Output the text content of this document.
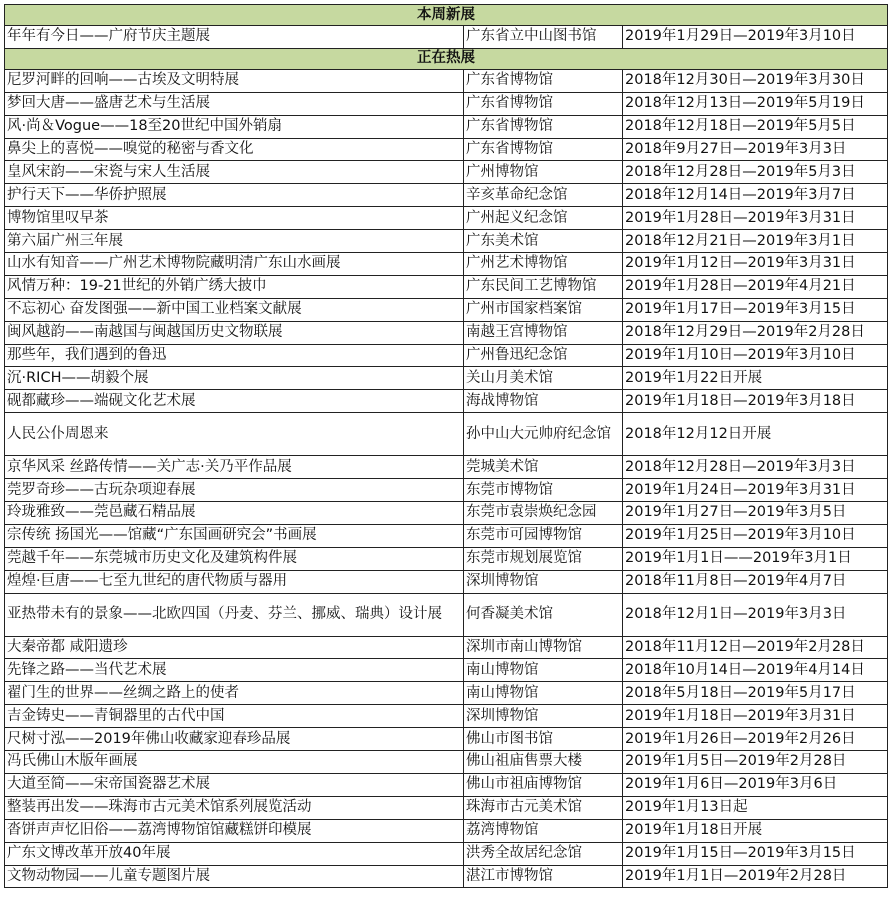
本周新展		
年年有今日——广府节庆主题展	广东省立中山图书馆	2019年1月29日—2019年3月10日
正在热展		
尼罗河畔的回响——古埃及文明特展	广东省博物馆	2018年12月30日—2019年3月30日
梦回大唐——盛唐艺术与生活展	广东省博物馆	2018年12月13日—2019年5月19日
风·尚＆Vogue——18至20世纪中国外销扇	广东省博物馆	2018年12月18日—2019年5月5日
鼻尖上的喜悦——嗅觉的秘密与香文化	广东省博物馆	2018年9月27日—2019年3月3日
皇风宋韵——宋瓷与宋人生活展	广州博物馆	2018年12月28日—2019年5月3日
护行天下——华侨护照展	辛亥革命纪念馆	2018年12月14日—2019年3月7日
博物馆里叹早茶	广州起义纪念馆	2019年1月28日—2019年3月31日
第六届广州三年展	广东美术馆	2018年12月21日—2019年3月1日
山水有知音——广州艺术博物院藏明清广东山水画展	广州艺术博物馆	2019年1月12日—2019年3月31日
风情万种：19-21世纪的外销广绣大披巾	广东民间工艺博物馆	2019年1月28日—2019年4月21日
不忘初心 奋发图强——新中国工业档案文献展	广州市国家档案馆	2019年1月17日—2019年3月15日
闽风越韵——南越国与闽越国历史文物联展	南越王宫博物馆	2018年12月29日—2019年2月28日
那些年，我们遇到的鲁迅	广州鲁迅纪念馆	2019年1月10日—2019年3月10日
沉·RICH——胡毅个展	关山月美术馆	2019年1月22日开展
砚都藏珍——端砚文化艺术展	海战博物馆	2019年1月18日—2019年3月18日
人民公仆周恩来	孙中山大元帅府纪念馆	2018年12月12日开展
京华风采 丝路传情——关广志·关乃平作品展	莞城美术馆	2018年12月28日—2019年3月3日
莞罗奇珍——古玩杂项迎春展	东莞市博物馆	2019年1月24日—2019年3月31日
玲珑雅致——莞邑藏石精品展	东莞市袁崇焕纪念园	2019年1月27日—2019年3月5日
宗传统 扬国光——馆藏“广东国画研究会”书画展	东莞市可园博物馆	2019年1月25日—2019年3月10日
莞越千年——东莞城市历史文化及建筑构件展	东莞市规划展览馆	2019年1月1日——2019年3月1日
煌煌·巨唐——七至九世纪的唐代物质与器用	深圳博物馆	2018年11月8日—2019年4月7日
亚热带未有的景象——北欧四国（丹麦、芬兰、挪威、瑞典）设计展	何香凝美术馆	2018年12月1日—2019年3月3日
大秦帝都 咸阳遗珍	深圳市南山博物馆	2018年11月12日—2019年2月28日
先锋之路——当代艺术展	南山博物馆	2018年10月14日—2019年4月14日
翟门生的世界——丝绸之路上的使者	南山博物馆	2018年5月18日—2019年5月17日
吉金铸史——青铜器里的古代中国	深圳博物馆	2019年1月18日—2019年3月31日
尺树寸泓——2019年佛山收藏家迎春珍品展	佛山市图书馆	2019年1月26日—2019年2月26日
冯氏佛山木版年画展	佛山祖庙售票大楼	2019年1月5日—2019年2月28日
大道至简——宋帝国瓷器艺术展	佛山市祖庙博物馆	2019年1月6日—2019年3月6日
整装再出发——珠海市古元美术馆系列展览活动	珠海市古元美术馆	2019年1月13日起
沓饼声声忆旧俗——荔湾博物馆馆藏糕饼印模展	荔湾博物馆	2019年1月18日开展
广东文博改革开放40年展	洪秀全故居纪念馆	2019年1月15日—2019年3月15日
文物动物园——儿童专题图片展	湛江市博物馆	2019年1月1日—2019年2月28日
